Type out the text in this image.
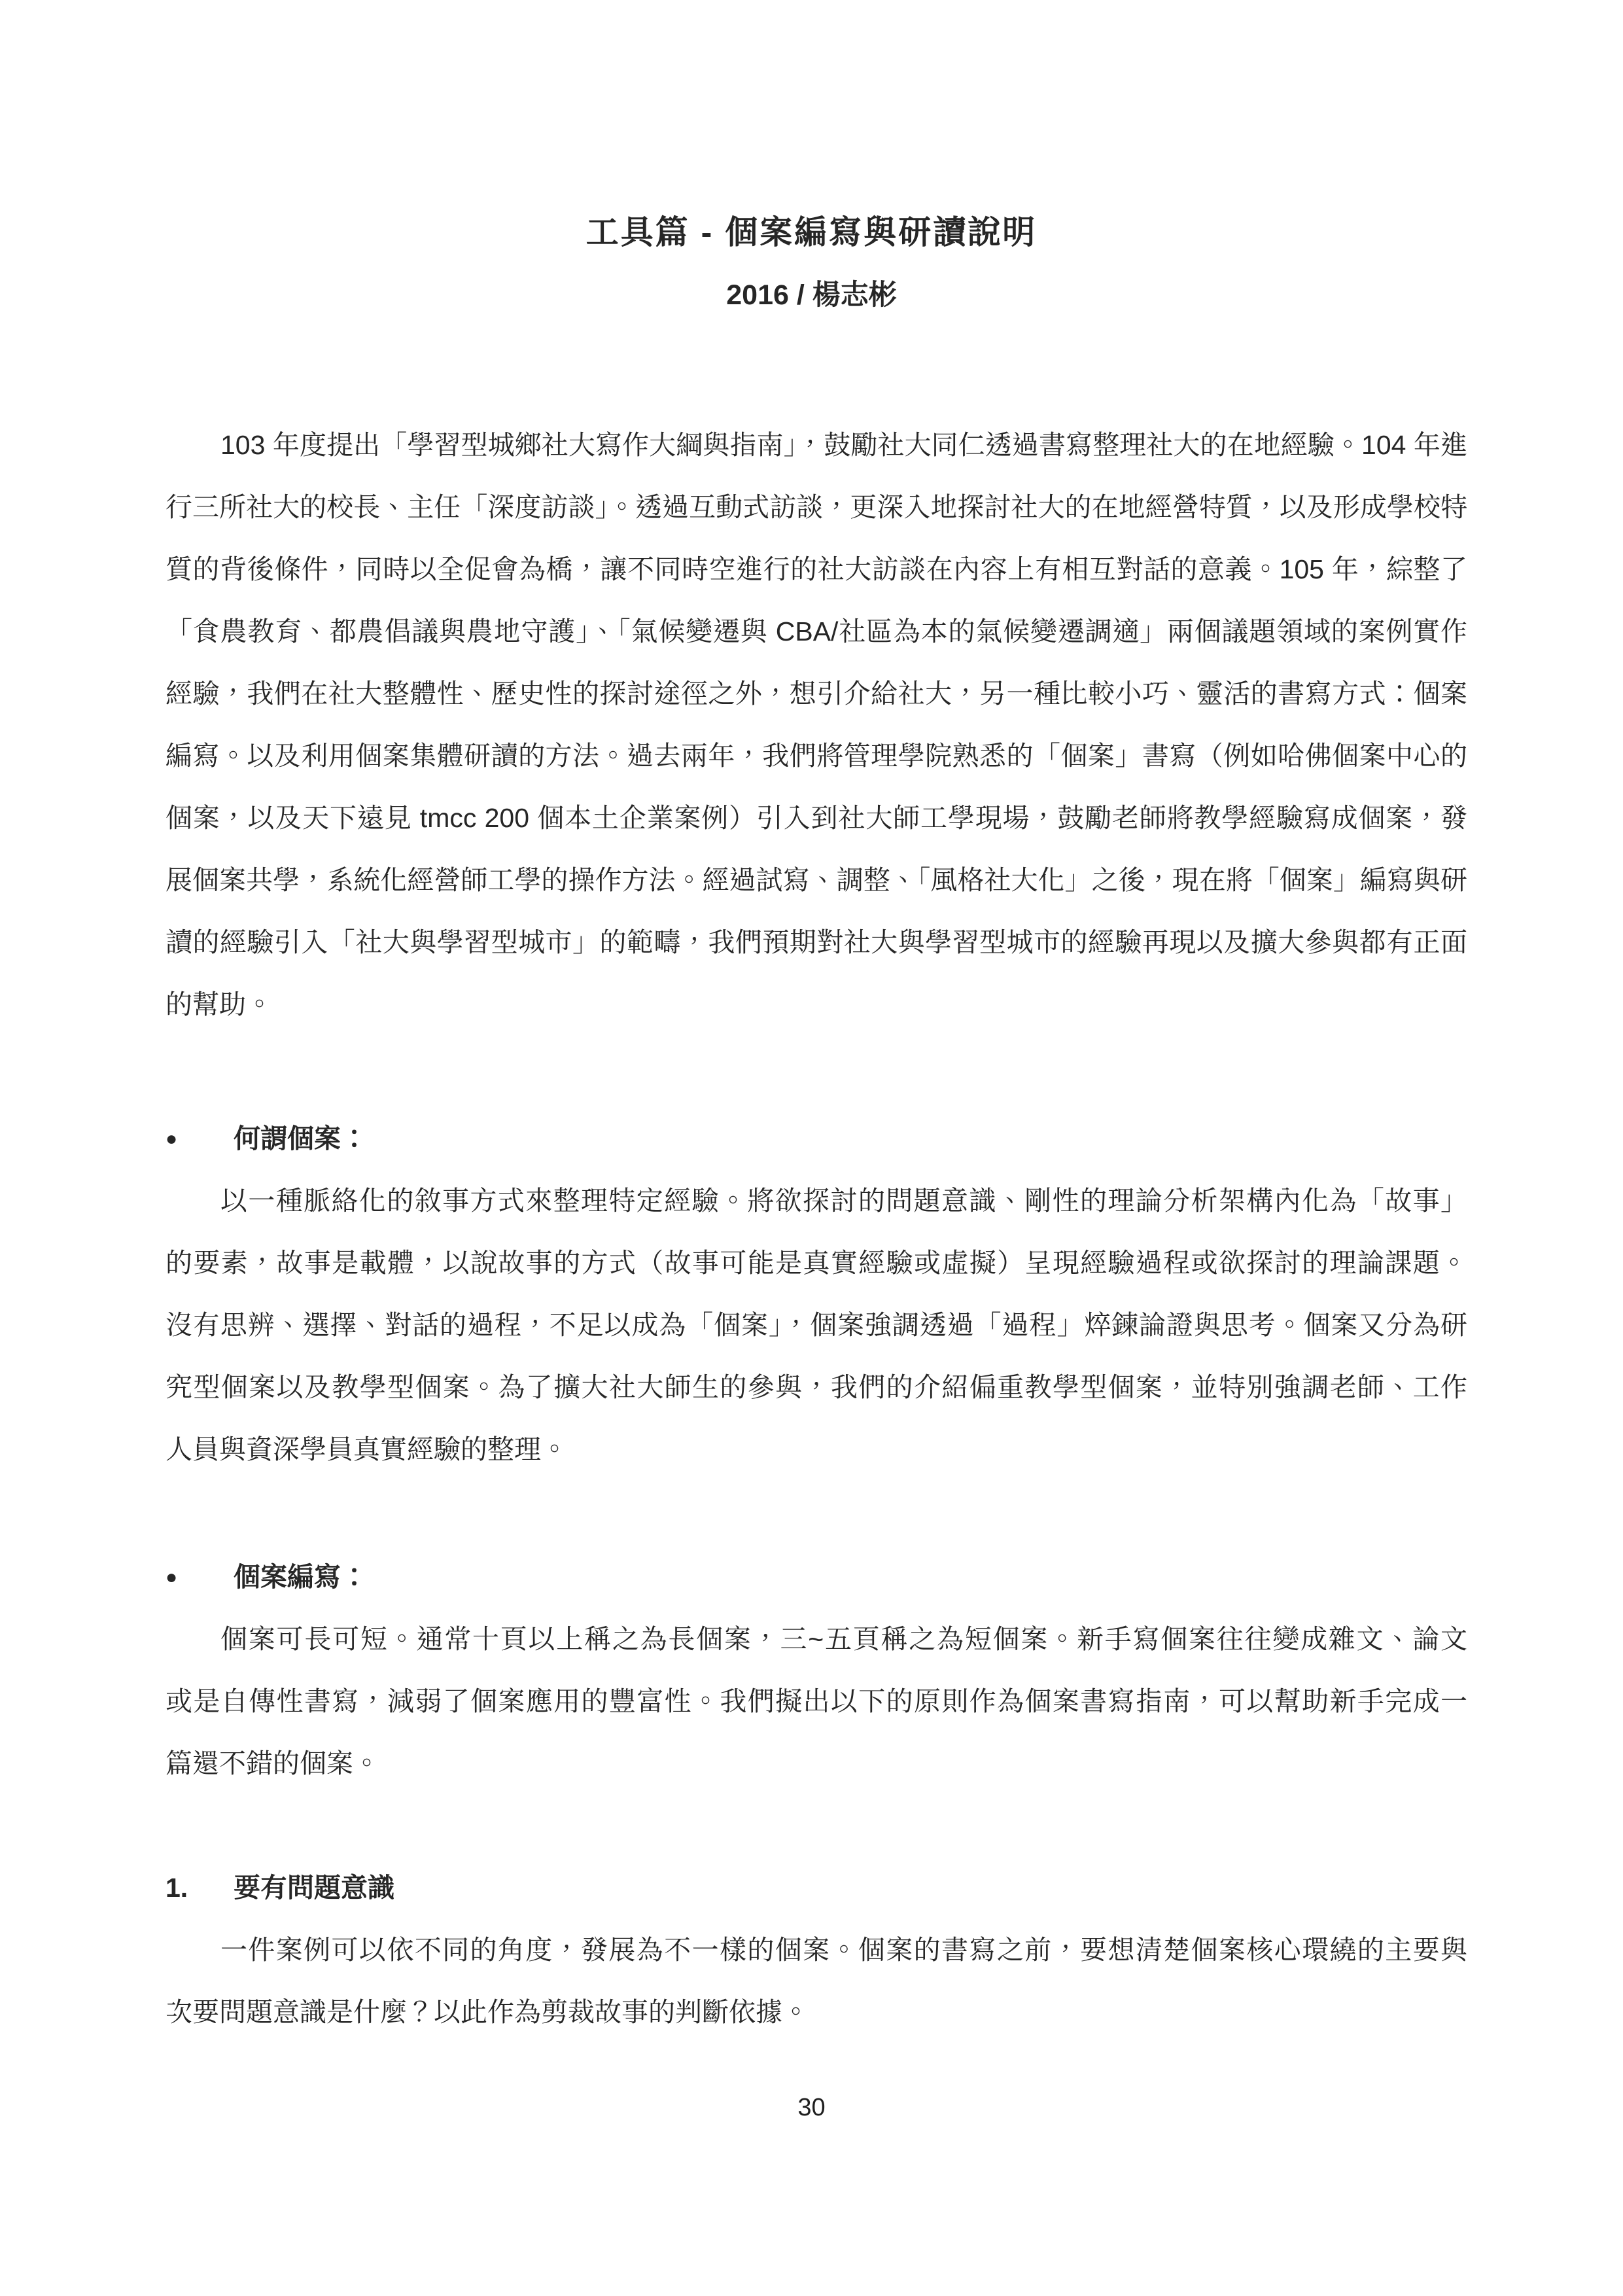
工具篇 - 個案編寫與研讀說明
2016 / 楊志彬
103 年度提出「學習型城鄉社大寫作大綱與指南」，鼓勵社大同仁透過書寫整理社大的在地經驗。104 年進
行三所社大的校長、主任「深度訪談」。透過互動式訪談，更深入地探討社大的在地經營特質，以及形成學校特
質的背後條件，同時以全促會為橋，讓不同時空進行的社大訪談在內容上有相互對話的意義。105 年，綜整了
「食農教育、都農倡議與農地守護」、「氣候變遷與 CBA/社區為本的氣候變遷調適」兩個議題領域的案例實作
經驗，我們在社大整體性、歷史性的探討途徑之外，想引介給社大，另一種比較小巧、靈活的書寫方式：個案
編寫。以及利用個案集體研讀的方法。過去兩年，我們將管理學院熟悉的「個案」書寫（例如哈佛個案中心的
個案，以及天下遠見 tmcc 200 個本土企業案例）引入到社大師工學現場，鼓勵老師將教學經驗寫成個案，發
展個案共學，系統化經營師工學的操作方法。經過試寫、調整、「風格社大化」之後，現在將「個案」編寫與研
讀的經驗引入「社大與學習型城市」的範疇，我們預期對社大與學習型城市的經驗再現以及擴大參與都有正面
的幫助。
●	何謂個案：
以一種脈絡化的敘事方式來整理特定經驗。將欲探討的問題意識、剛性的理論分析架構內化為「故事」
的要素，故事是載體，以說故事的方式（故事可能是真實經驗或虛擬）呈現經驗過程或欲探討的理論課題。
沒有思辨、選擇、對話的過程，不足以成為「個案」，個案強調透過「過程」焠鍊論證與思考。個案又分為研
究型個案以及教學型個案。為了擴大社大師生的參與，我們的介紹偏重教學型個案，並特別強調老師、工作
人員與資深學員真實經驗的整理。
●	個案編寫：
個案可長可短。通常十頁以上稱之為長個案，三~五頁稱之為短個案。新手寫個案往往變成雜文、論文
或是自傳性書寫，減弱了個案應用的豐富性。我們擬出以下的原則作為個案書寫指南，可以幫助新手完成一
篇還不錯的個案。
1.	要有問題意識
一件案例可以依不同的角度，發展為不一樣的個案。個案的書寫之前，要想清楚個案核心環繞的主要與
次要問題意識是什麼？以此作為剪裁故事的判斷依據。
30
